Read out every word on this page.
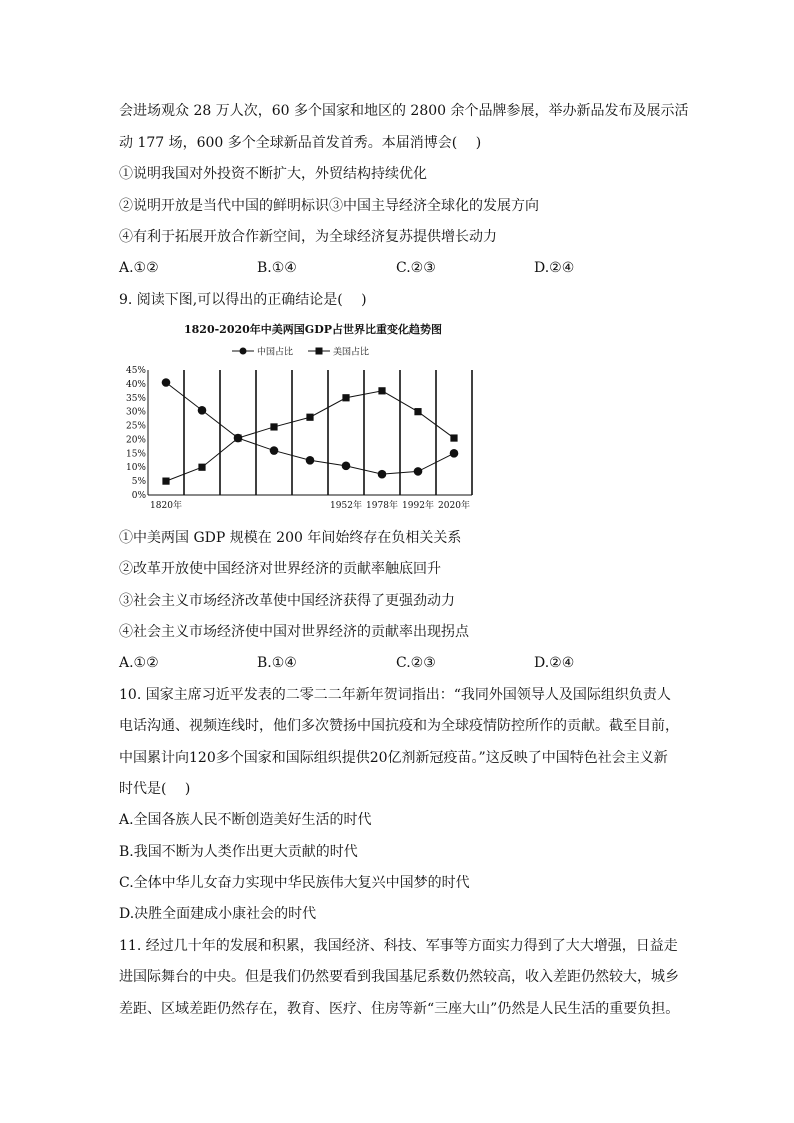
会进场观众 28 万人次，60 多个国家和地区的 2800 余个品牌参展，举办新品发布及展示活
动 177 场，600 多个全球新品首发首秀。本届消博会(　 )
①说明我国对外投资不断扩大，外贸结构持续优化
②说明开放是当代中国的鲜明标识③中国主导经济全球化的发展方向
④有利于拓展开放合作新空间，为全球经济复苏提供增长动力
A.①②	B.①④	C.②③	D.②④
9. 阅读下图,可以得出的正确结论是(　 )
1820-2020年中美两国GDP占世界比重变化趋势图
中国占比	美国占比
0%
5%
10%
15%
20%
25%
30%
35%
40%
45%
1820年	1952年 1978年 1992年 2020年
①中美两国 GDP 规模在 200 年间始终存在负相关关系
②改革开放使中国经济对世界经济的贡献率触底回升
③社会主义市场经济改革使中国经济获得了更强劲动力
④社会主义市场经济使中国对世界经济的贡献率出现拐点
A.①②	B.①④	C.②③	D.②④
10. 国家主席习近平发表的二零二二年新年贺词指出：“我同外国领导人及国际组织负责人
电话沟通、视频连线时，他们多次赞扬中国抗疫和为全球疫情防控所作的贡献。截至目前，
中国累计向120多个国家和国际组织提供20亿剂新冠疫苗。”这反映了中国特色社会主义新
时代是(　 )
A.全国各族人民不断创造美好生活的时代
B.我国不断为人类作出更大贡献的时代
C.全体中华儿女奋力实现中华民族伟大复兴中国梦的时代
D.决胜全面建成小康社会的时代
11. 经过几十年的发展和积累，我国经济、科技、军事等方面实力得到了大大增强，日益走
进国际舞台的中央。但是我们仍然要看到我国基尼系数仍然较高，收入差距仍然较大，城乡
差距、区域差距仍然存在，教育、医疗、住房等新“三座大山”仍然是人民生活的重要负担。
